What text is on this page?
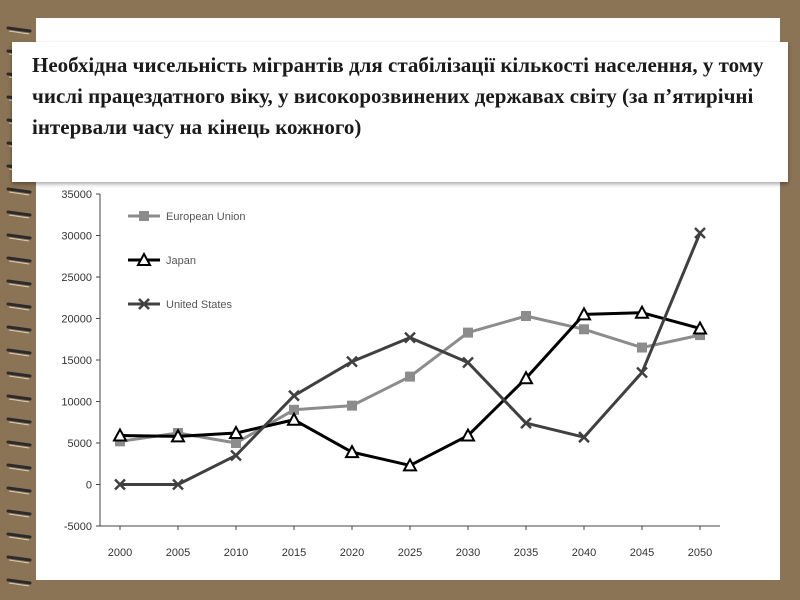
35000
30000
25000
20000
15000
10000
5000
0
-5000
2000	2005	2010	2015	2020	2025	2030	2035	2040	2045	2050
European Union
Japan
United States

Необхідна чисельність мігрантів для стабілізації кількості населення, у тому числі працездатного віку, у високорозвинених державах світу (за п’ятирічні інтервали часу на кінець кожного)
